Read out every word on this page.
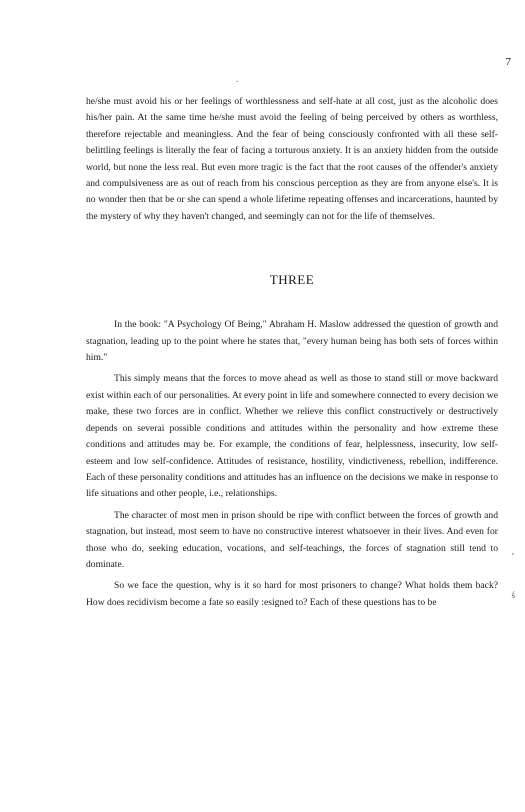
7
.
,
ś

he/she must avoid his or her feelings of worthlessness and self-hate at all cost, just as the alcoholic does his/her pain. At the same time he/she must avoid the feeling of being perceived by others as worthless, therefore rejectable and meaningless. And the fear of being consciously confronted with all these self-belittling feelings is literally the fear of facing a torturous anxiety. It is an anxiety hidden from the outside world, but none the less real. But even more tragic is the fact that the root causes of the offender's anxiety and compulsiveness are as out of reach from his conscious perception as they are from anyone else's. It is no wonder then that be or she can spend a whole lifetime repeating offenses and incarcerations, haunted by the mystery of why they haven't changed, and seemingly can not for the life of themselves.

THREE

In the book: "A Psychology Of Being," Abraham H. Maslow addressed the question of growth and stagnation, leading up to the point where he states that, "every human being has both sets of forces within him."

This simply means that the forces to move ahead as well as those to stand still or move backward exist within each of our personalities. At every point in life and somewhere connected to every decision we make, these two forces are in conflict. Whether we relieve this conflict constructively or destructively depends on severai possible conditions and attitudes within the personality and how extreme these conditions and attitudes may be. For example, the conditions of fear, helplessness, insecurity, low self-esteem and low self-confidence. Attitudes of resistance, hostility, vindictiveness, rebellion, indifference. Each of these personality conditions and attitudes has an influence on the decisions we make in response to life situations and other people, i.e., relationships.

The character of most men in prison should be ripe with conflict between the forces of growth and stagnation, but instead, most seem to have no constructive interest whatsoever in their lives. And even for those who do, seeking education, vocations, and self-teachings, the forces of stagnation still tend to dominate.

So we face the question, why is it so hard for most prisoners to change? What holds them back? How does recidivism become a fate so easily :esigned to? Each of these questions has to be
